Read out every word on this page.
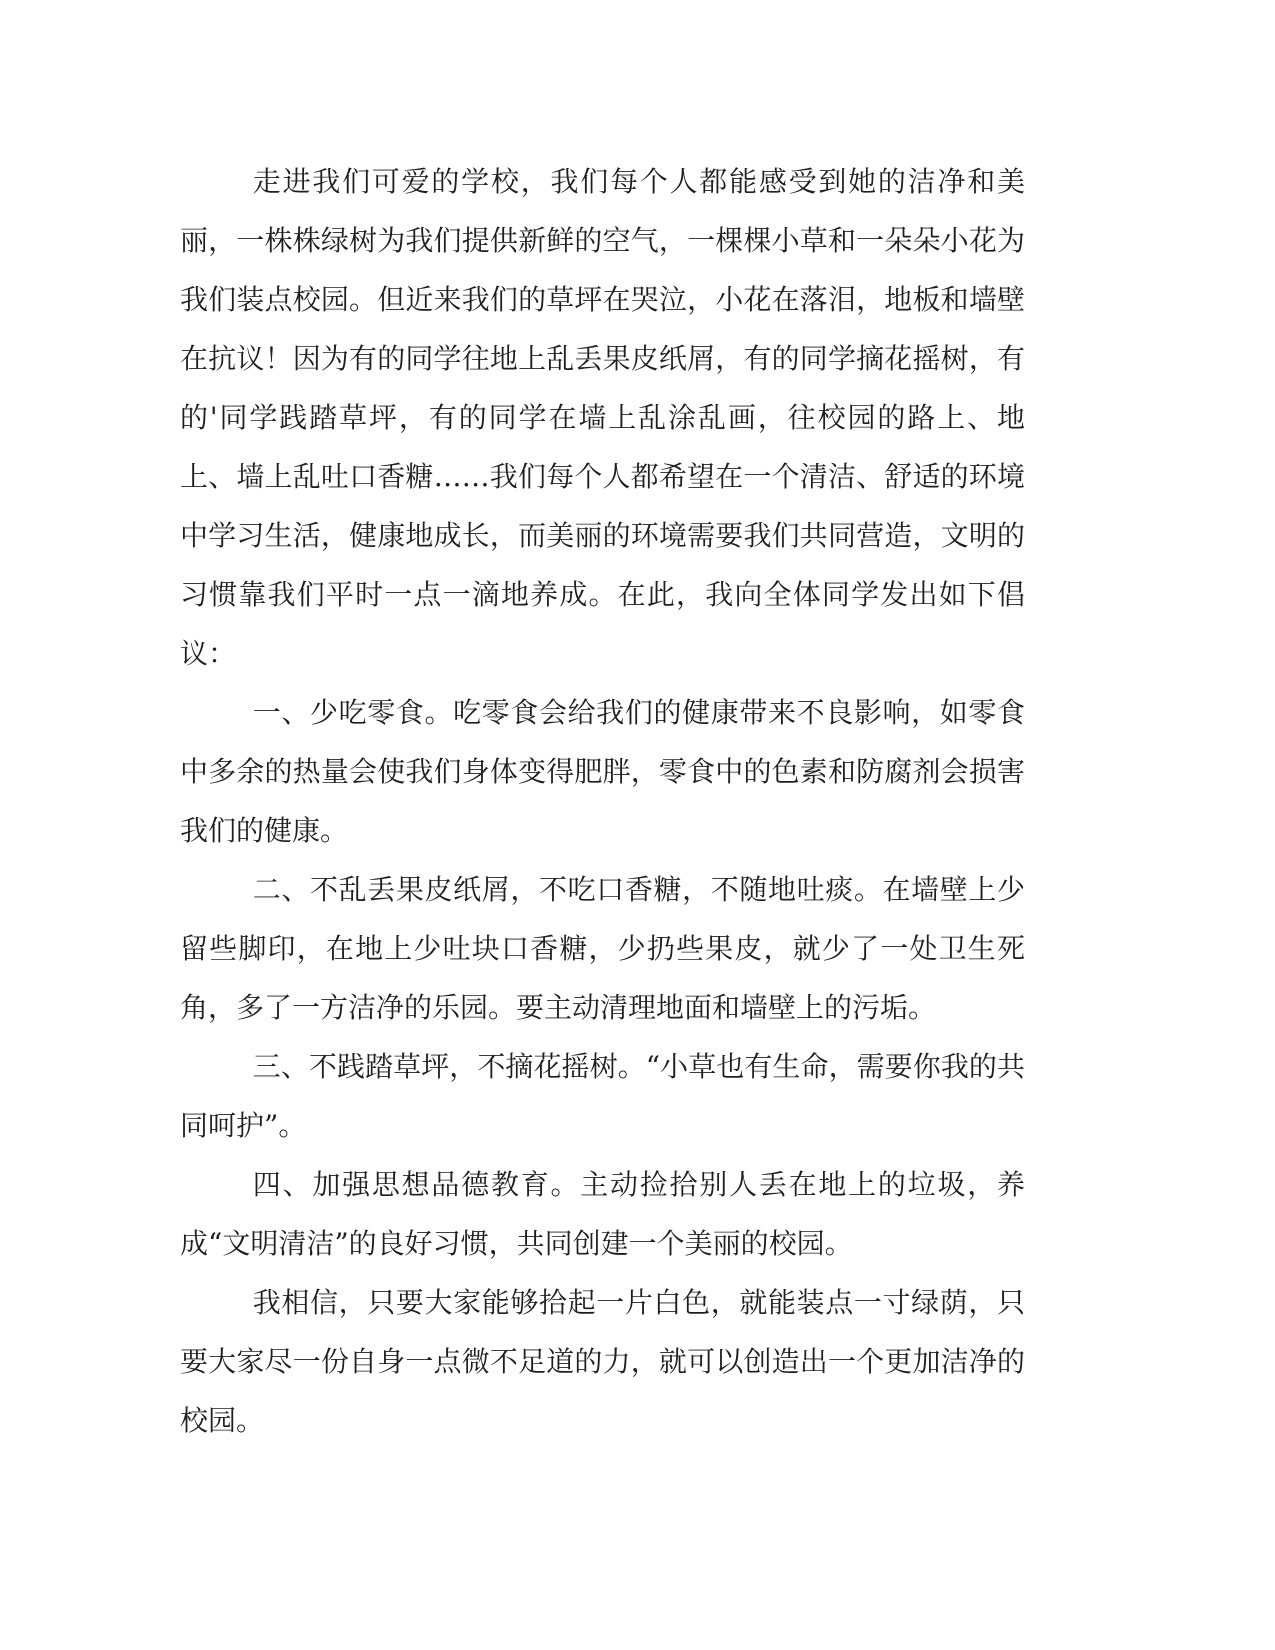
走进我们可爱的学校，我们每个人都能感受到她的洁净和美丽，一株株绿树为我们提供新鲜的空气，一棵棵小草和一朵朵小花为我们装点校园。但近来我们的草坪在哭泣，小花在落泪，地板和墙壁在抗议！因为有的同学往地上乱丢果皮纸屑，有的同学摘花摇树，有的'同学践踏草坪，有的同学在墙上乱涂乱画，往校园的路上、地上、墙上乱吐口香糖……我们每个人都希望在一个清洁、舒适的环境中学习生活，健康地成长，而美丽的环境需要我们共同营造，文明的习惯靠我们平时一点一滴地养成。在此，我向全体同学发出如下倡议：

一、少吃零食。吃零食会给我们的健康带来不良影响，如零食中多余的热量会使我们身体变得肥胖，零食中的色素和防腐剂会损害我们的健康。

二、不乱丢果皮纸屑，不吃口香糖，不随地吐痰。在墙壁上少留些脚印，在地上少吐块口香糖，少扔些果皮，就少了一处卫生死角，多了一方洁净的乐园。要主动清理地面和墙壁上的污垢。

三、不践踏草坪，不摘花摇树。“小草也有生命，需要你我的共同呵护”。

四、加强思想品德教育。主动捡拾别人丢在地上的垃圾，养成“文明清洁”的良好习惯，共同创建一个美丽的校园。

我相信，只要大家能够拾起一片白色，就能装点一寸绿荫，只要大家尽一份自身一点微不足道的力，就可以创造出一个更加洁净的校园。
